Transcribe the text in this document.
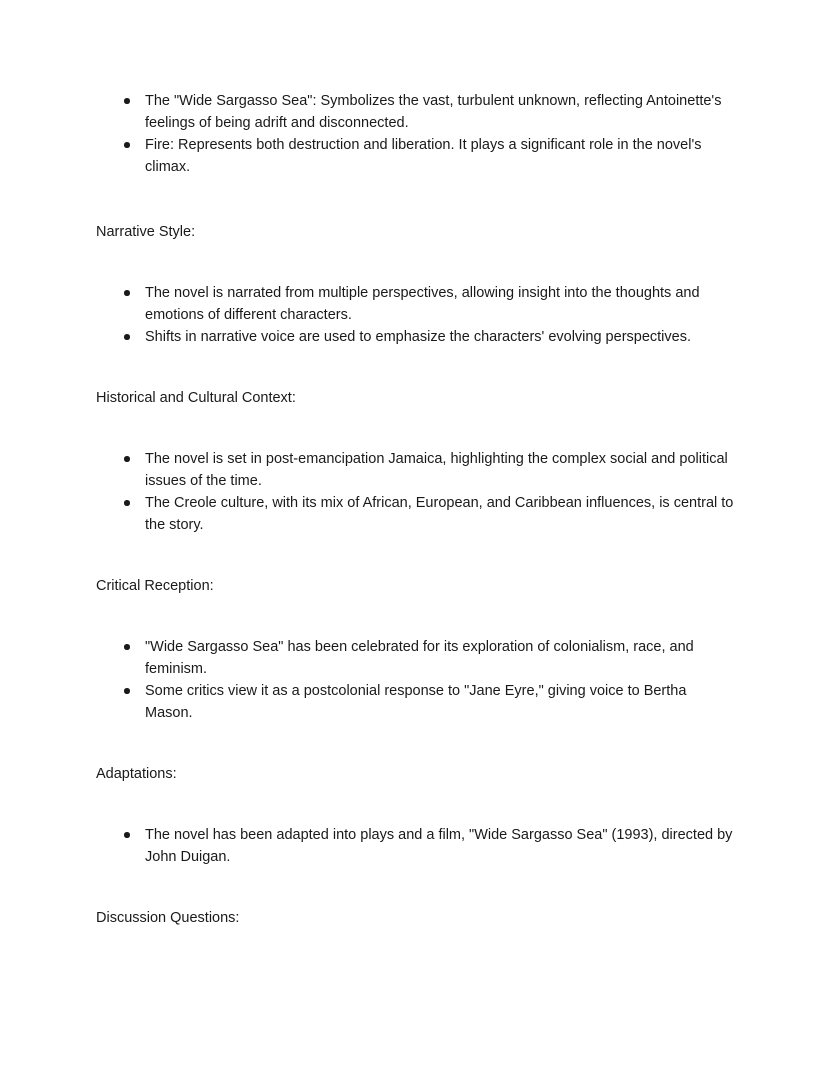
The "Wide Sargasso Sea": Symbolizes the vast, turbulent unknown, reflecting Antoinette's feelings of being adrift and disconnected.
Fire: Represents both destruction and liberation. It plays a significant role in the novel's climax.

Narrative Style:

The novel is narrated from multiple perspectives, allowing insight into the thoughts and emotions of different characters.
Shifts in narrative voice are used to emphasize the characters' evolving perspectives.

Historical and Cultural Context:

The novel is set in post-emancipation Jamaica, highlighting the complex social and political issues of the time.
The Creole culture, with its mix of African, European, and Caribbean influences, is central to the story.

Critical Reception:

"Wide Sargasso Sea" has been celebrated for its exploration of colonialism, race, and feminism.
Some critics view it as a postcolonial response to "Jane Eyre," giving voice to Bertha Mason.

Adaptations:

The novel has been adapted into plays and a film, "Wide Sargasso Sea" (1993), directed by John Duigan.

Discussion Questions:
